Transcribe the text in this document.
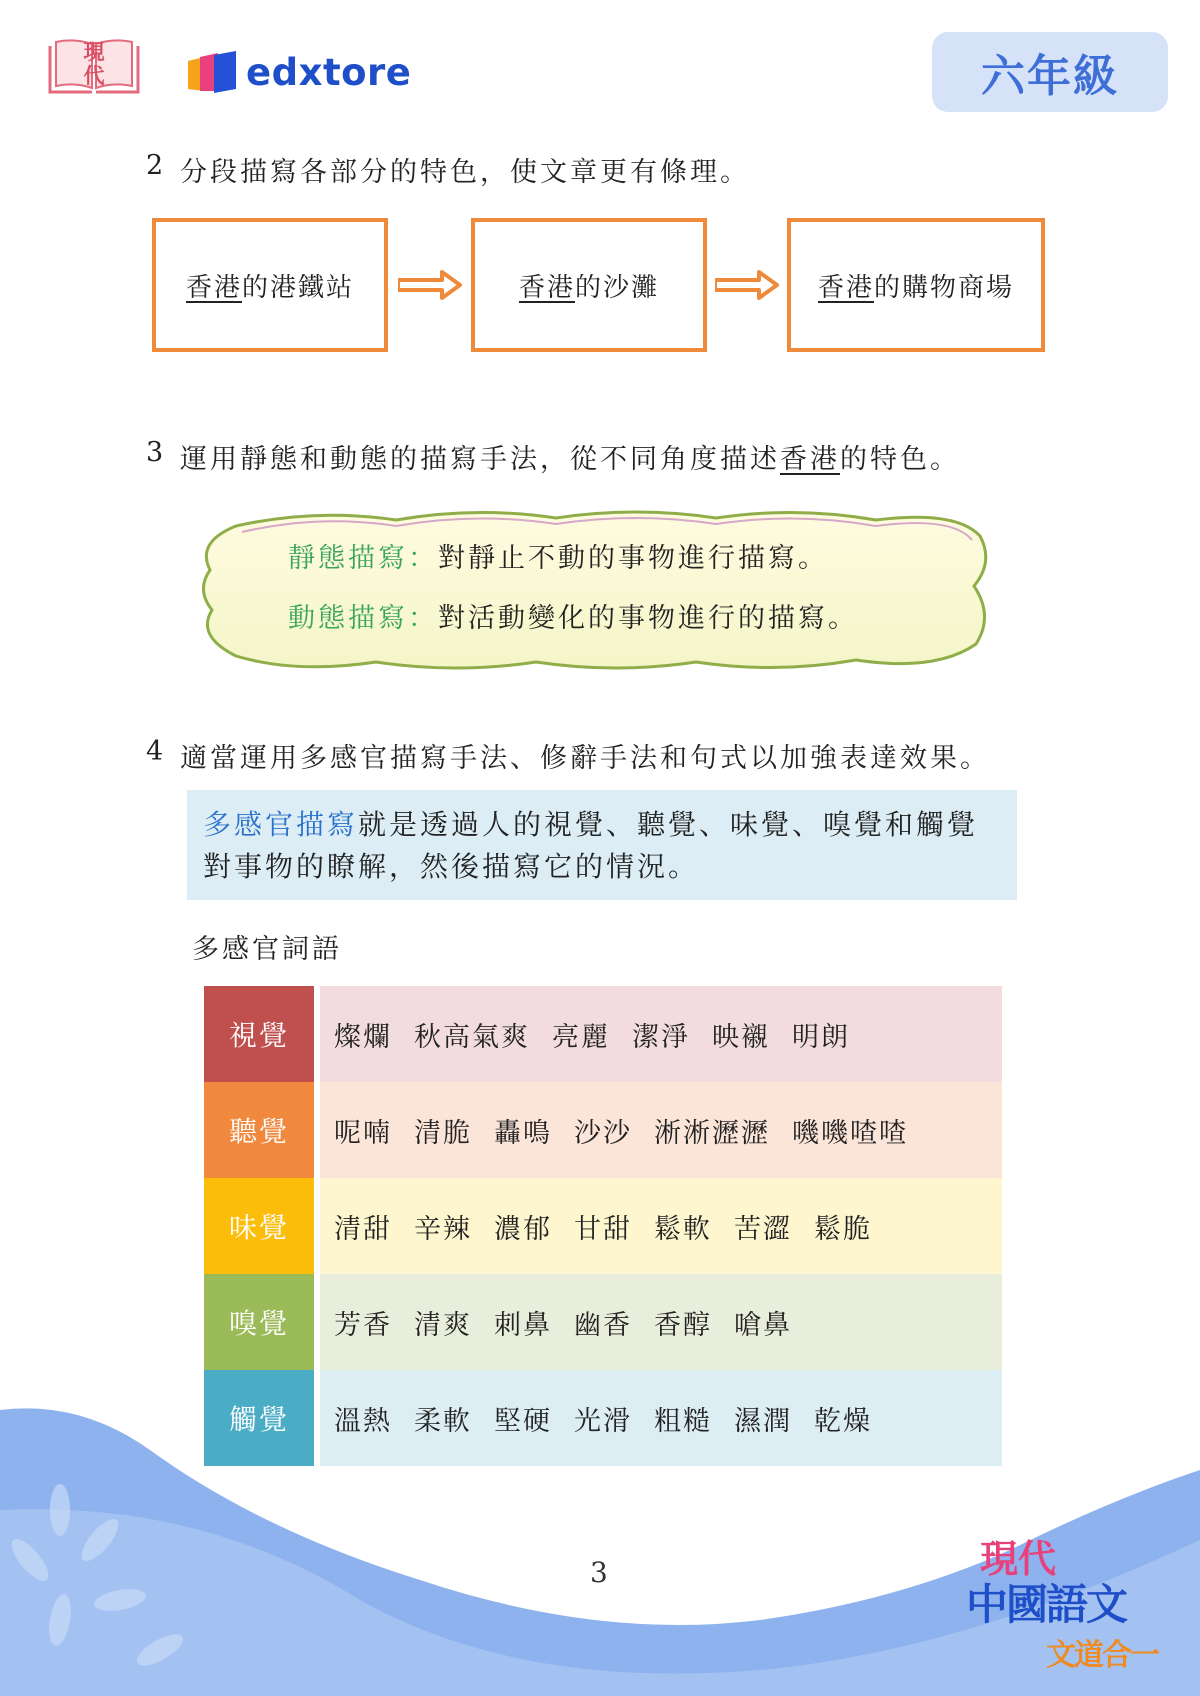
現代	edxtore	六年級
2 分段描寫各部分的特色，使文章更有條理。
香港 的港鐵站	香港 的沙灘	香港 的購物商場
3 運用靜態和動態的描寫手法，從不同角度描述 香港 的特色。
靜態描寫： 對靜止不動的事物進行描寫。
動態描寫： 對活動變化的事物進行的描寫。
4 適當運用多感官描寫手法、修辭手法和句式以加強表達效果。
多感官描寫就是透過人的視覺、聽覺、味覺、嗅覺和觸覺
對事物的瞭解，然後描寫它的情況。
多感官詞語
視覺	燦爛 秋高氣爽 亮麗 潔淨 映襯 明朗
聽覺	呢喃 清脆 轟鳴 沙沙 淅淅瀝瀝 嘰嘰喳喳
味覺	清甜 辛辣 濃郁 甘甜 鬆軟 苦澀 鬆脆
嗅覺	芳香 清爽 刺鼻 幽香 香醇 嗆鼻
觸覺	溫熱 柔軟 堅硬 光滑 粗糙 濕潤 乾燥
3	現代
中國語文
文道合一
